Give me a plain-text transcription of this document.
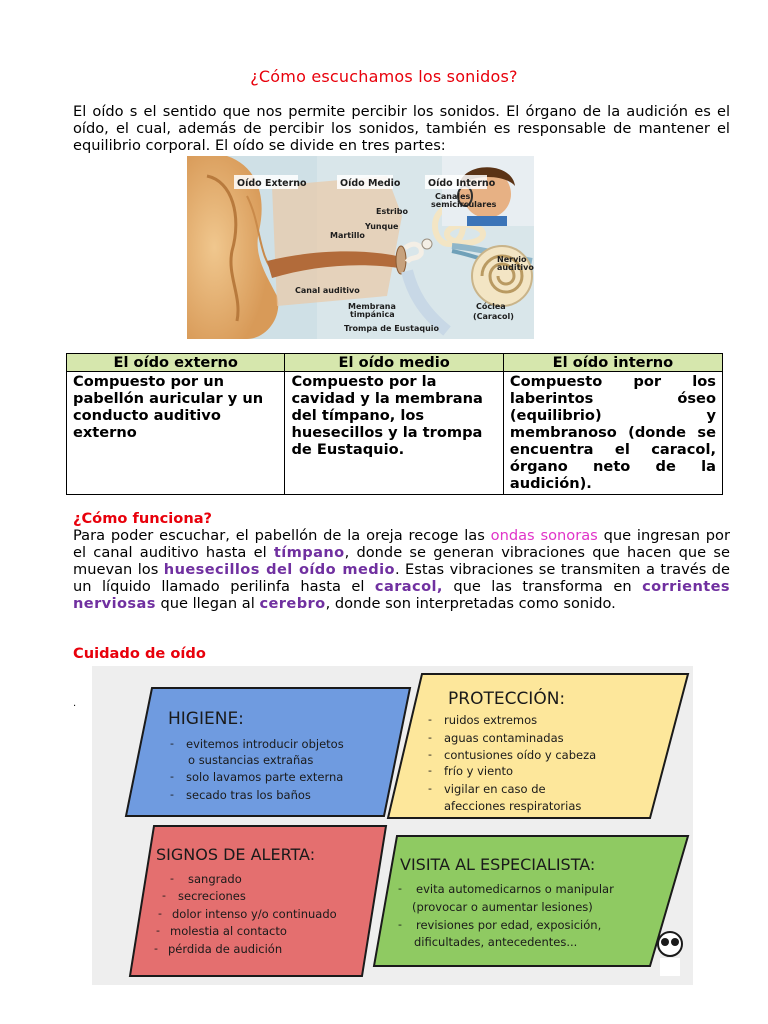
¿Cómo escuchamos los sonidos?
El oído s el sentido que nos permite percibir los sonidos. El órgano de la audición es el oído, el cual, además de percibir los sonidos, también es responsable de mantener el equilibrio corporal. El oído se divide en tres partes:
Oído Externo	Oído Medio	Oído Interno
Canales
semicirculares
Estribo
Yunque
Martillo
Nervio
auditivo
Canal auditivo
Membrana
timpánica
Trompa de Eustaquio
Cóclea
(Caracol)
El oído externo	El oído medio	El oído interno
Compuesto por un pabellón auricular y un conducto auditivo externo	Compuesto por la cavidad y la membrana del tímpano, los huesecillos y la trompa de Eustaquio.	Compuesto por los laberintos óseo (equilibrio) y membranoso (donde se encuentra el caracol, órgano neto de la audición).
¿Cómo funciona?
Para poder escuchar, el pabellón de la oreja recoge las ondas sonoras que ingresan por el canal auditivo hasta el tímpano, donde se generan vibraciones que hacen que se muevan los huesecillos del oído medio. Estas vibraciones se transmiten a través de un líquido llamado perilinfa hasta el caracol, que las transforma en corrientes nerviosas que llegan al cerebro, donde son interpretadas como sonido.
Cuidado de oído
.
HIGIENE:
- evitemos introducir objetos
o sustancias extrañas
- solo lavamos parte externa
- secado tras los baños
PROTECCIÓN:
- ruidos extremos
- aguas contaminadas
- contusiones oído y cabeza
- frío y viento
- vigilar en caso de
afecciones respiratorias
SIGNOS DE ALERTA:
- sangrado
- secreciones
- dolor intenso y/o continuado
- molestia al contacto
- pérdida de audición
VISITA AL ESPECIALISTA:
- evita automedicarnos o manipular
(provocar o aumentar lesiones)
- revisiones por edad, exposición,
dificultades, antecedentes...
